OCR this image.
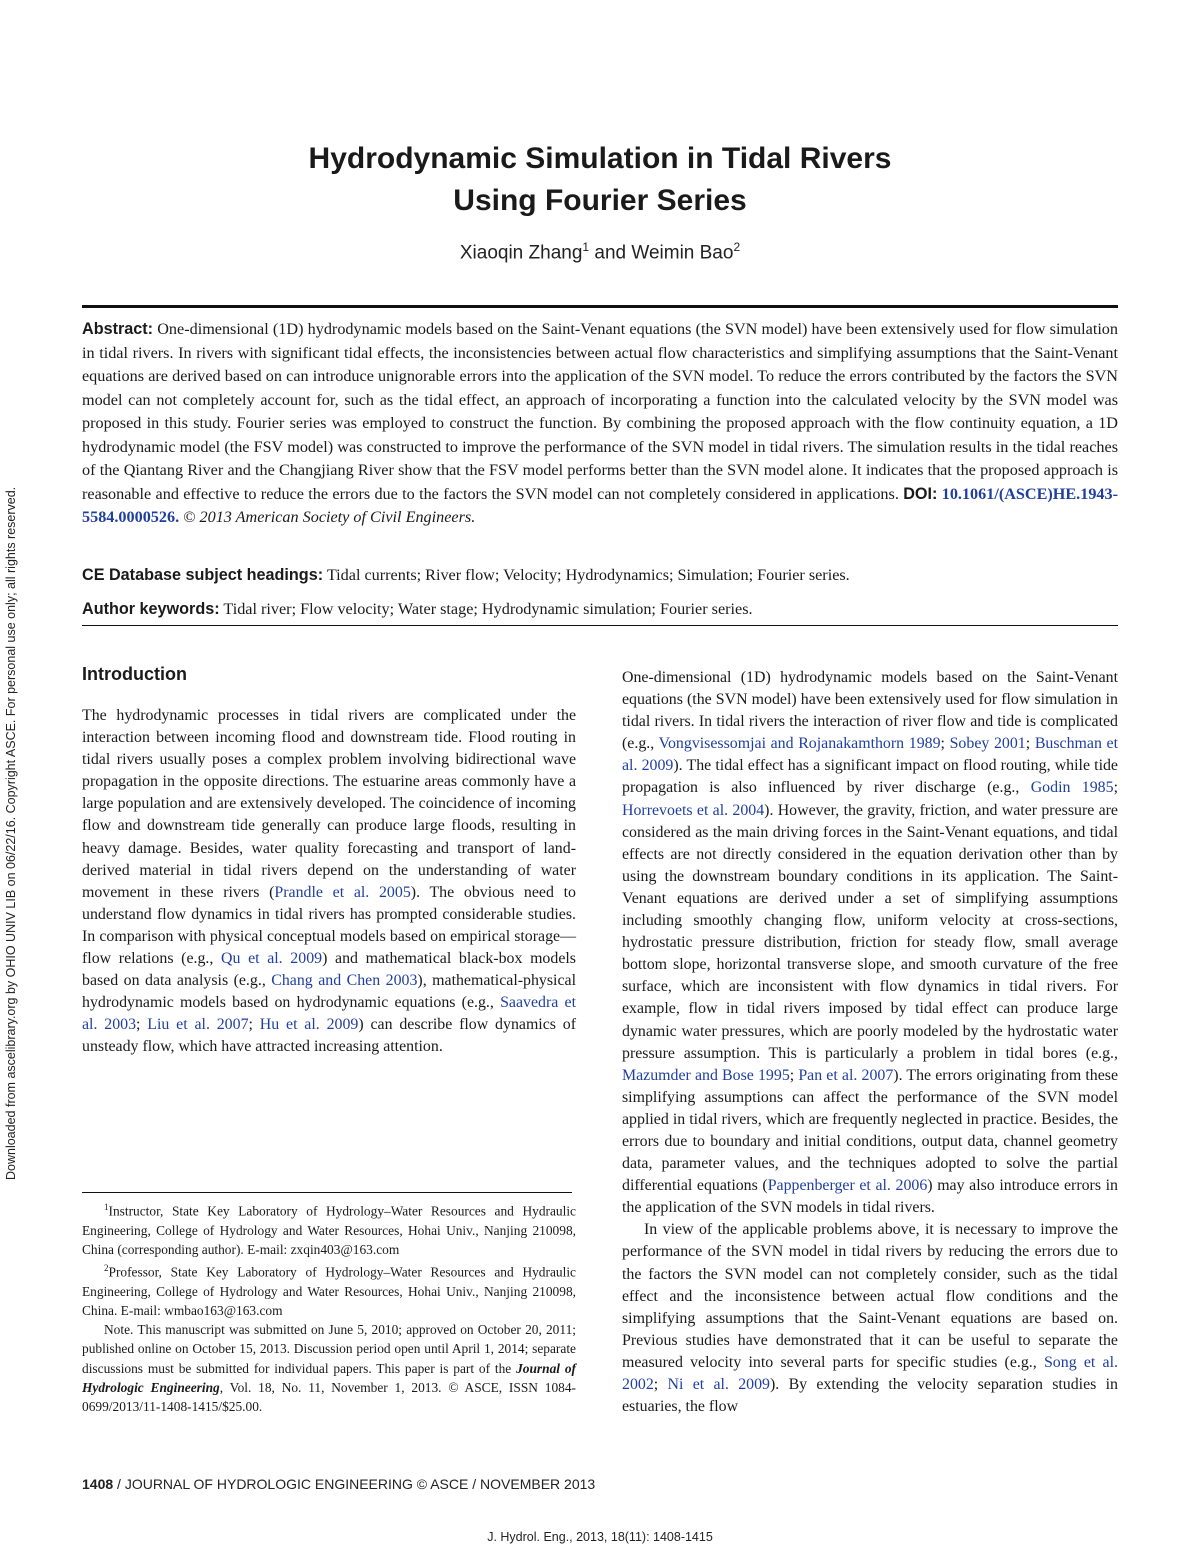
Downloaded from ascelibrary.org by OHIO UNIV LIB on 06/22/16. Copyright ASCE. For personal use only; all rights reserved.
Hydrodynamic Simulation in Tidal Rivers
Using Fourier Series
Xiaoqin Zhang$^1$ and Weimin Bao$^2$
Abstract: One-dimensional (1D) hydrodynamic models based on the Saint-Venant equations (the SVN model) have been extensively used for flow simulation in tidal rivers. In rivers with significant tidal effects, the inconsistencies between actual flow characteristics and simplifying assumptions that the Saint-Venant equations are derived based on can introduce unignorable errors into the application of the SVN model. To reduce the errors contributed by the factors the SVN model can not completely account for, such as the tidal effect, an approach of incorporating a function into the calculated velocity by the SVN model was proposed in this study. Fourier series was employed to construct the function. By combining the proposed approach with the flow continuity equation, a 1D hydrodynamic model (the FSV model) was constructed to improve the performance of the SVN model in tidal rivers. The simulation results in the tidal reaches of the Qiantang River and the Changjiang River show that the FSV model performs better than the SVN model alone. It indicates that the proposed approach is reasonable and effective to reduce the errors due to the factors the SVN model can not completely considered in applications. DOI: 10.1061/(ASCE)HE.1943-5584.0000526. © 2013 American Society of Civil Engineers.
CE Database subject headings: Tidal currents; River flow; Velocity; Hydrodynamics; Simulation; Fourier series.
Author keywords: Tidal river; Flow velocity; Water stage; Hydrodynamic simulation; Fourier series.
Introduction

The hydrodynamic processes in tidal rivers are complicated under the interaction between incoming flood and downstream tide. Flood routing in tidal rivers usually poses a complex problem involving bidirectional wave propagation in the opposite directions. The estuarine areas commonly have a large population and are extensively developed. The coincidence of incoming flow and downstream tide generally can produce large floods, resulting in heavy damage. Besides, water quality forecasting and transport of land-derived material in tidal rivers depend on the understanding of water movement in these rivers (Prandle et al. 2005). The obvious need to understand flow dynamics in tidal rivers has prompted considerable studies. In comparison with physical conceptual models based on empirical storage—flow relations (e.g., Qu et al. 2009) and mathematical black-box models based on data analysis (e.g., Chang and Chen 2003), mathematical-physical hydrodynamic models based on hydrodynamic equations (e.g., Saavedra et al. 2003; Liu et al. 2007; Hu et al. 2009) can describe flow dynamics of unsteady flow, which have attracted increasing attention.

$^1$Instructor, State Key Laboratory of Hydrology–Water Resources and Hydraulic Engineering, College of Hydrology and Water Resources, Hohai Univ., Nanjing 210098, China (corresponding author). E-mail: zxqin403@163.com

$^2$Professor, State Key Laboratory of Hydrology–Water Resources and Hydraulic Engineering, College of Hydrology and Water Resources, Hohai Univ., Nanjing 210098, China. E-mail: wmbao163@163.com

Note. This manuscript was submitted on June 5, 2010; approved on October 20, 2011; published online on October 15, 2013. Discussion period open until April 1, 2014; separate discussions must be submitted for individual papers. This paper is part of the Journal of Hydrologic Engineering, Vol. 18, No. 11, November 1, 2013. © ASCE, ISSN 1084-0699/2013/11-1408-1415/$25.00.

One-dimensional (1D) hydrodynamic models based on the Saint-Venant equations (the SVN model) have been extensively used for flow simulation in tidal rivers. In tidal rivers the interaction of river flow and tide is complicated (e.g., Vongvisessomjai and Rojanakamthorn 1989; Sobey 2001; Buschman et al. 2009). The tidal effect has a significant impact on flood routing, while tide propagation is also influenced by river discharge (e.g., Godin 1985; Horrevoets et al. 2004). However, the gravity, friction, and water pressure are considered as the main driving forces in the Saint-Venant equations, and tidal effects are not directly considered in the equation derivation other than by using the downstream boundary conditions in its application. The Saint-Venant equations are derived under a set of simplifying assumptions including smoothly changing flow, uniform velocity at cross-sections, hydrostatic pressure distribution, friction for steady flow, small average bottom slope, horizontal transverse slope, and smooth curvature of the free surface, which are inconsistent with flow dynamics in tidal rivers. For example, flow in tidal rivers imposed by tidal effect can produce large dynamic water pressures, which are poorly modeled by the hydrostatic water pressure assumption. This is particularly a problem in tidal bores (e.g., Mazumder and Bose 1995; Pan et al. 2007). The errors originating from these simplifying assumptions can affect the performance of the SVN model applied in tidal rivers, which are frequently neglected in practice. Besides, the errors due to boundary and initial conditions, output data, channel geometry data, parameter values, and the techniques adopted to solve the partial differential equations (Pappenberger et al. 2006) may also introduce errors in the application of the SVN models in tidal rivers.

In view of the applicable problems above, it is necessary to improve the performance of the SVN model in tidal rivers by reducing the errors due to the factors the SVN model can not completely consider, such as the tidal effect and the inconsistence between actual flow conditions and the simplifying assumptions that the Saint-Venant equations are based on. Previous studies have demonstrated that it can be useful to separate the measured velocity into several parts for specific studies (e.g., Song et al. 2002; Ni et al. 2009). By extending the velocity separation studies in estuaries, the flow

1408 / JOURNAL OF HYDROLOGIC ENGINEERING © ASCE / NOVEMBER 2013
J. Hydrol. Eng., 2013, 18(11): 1408-1415
